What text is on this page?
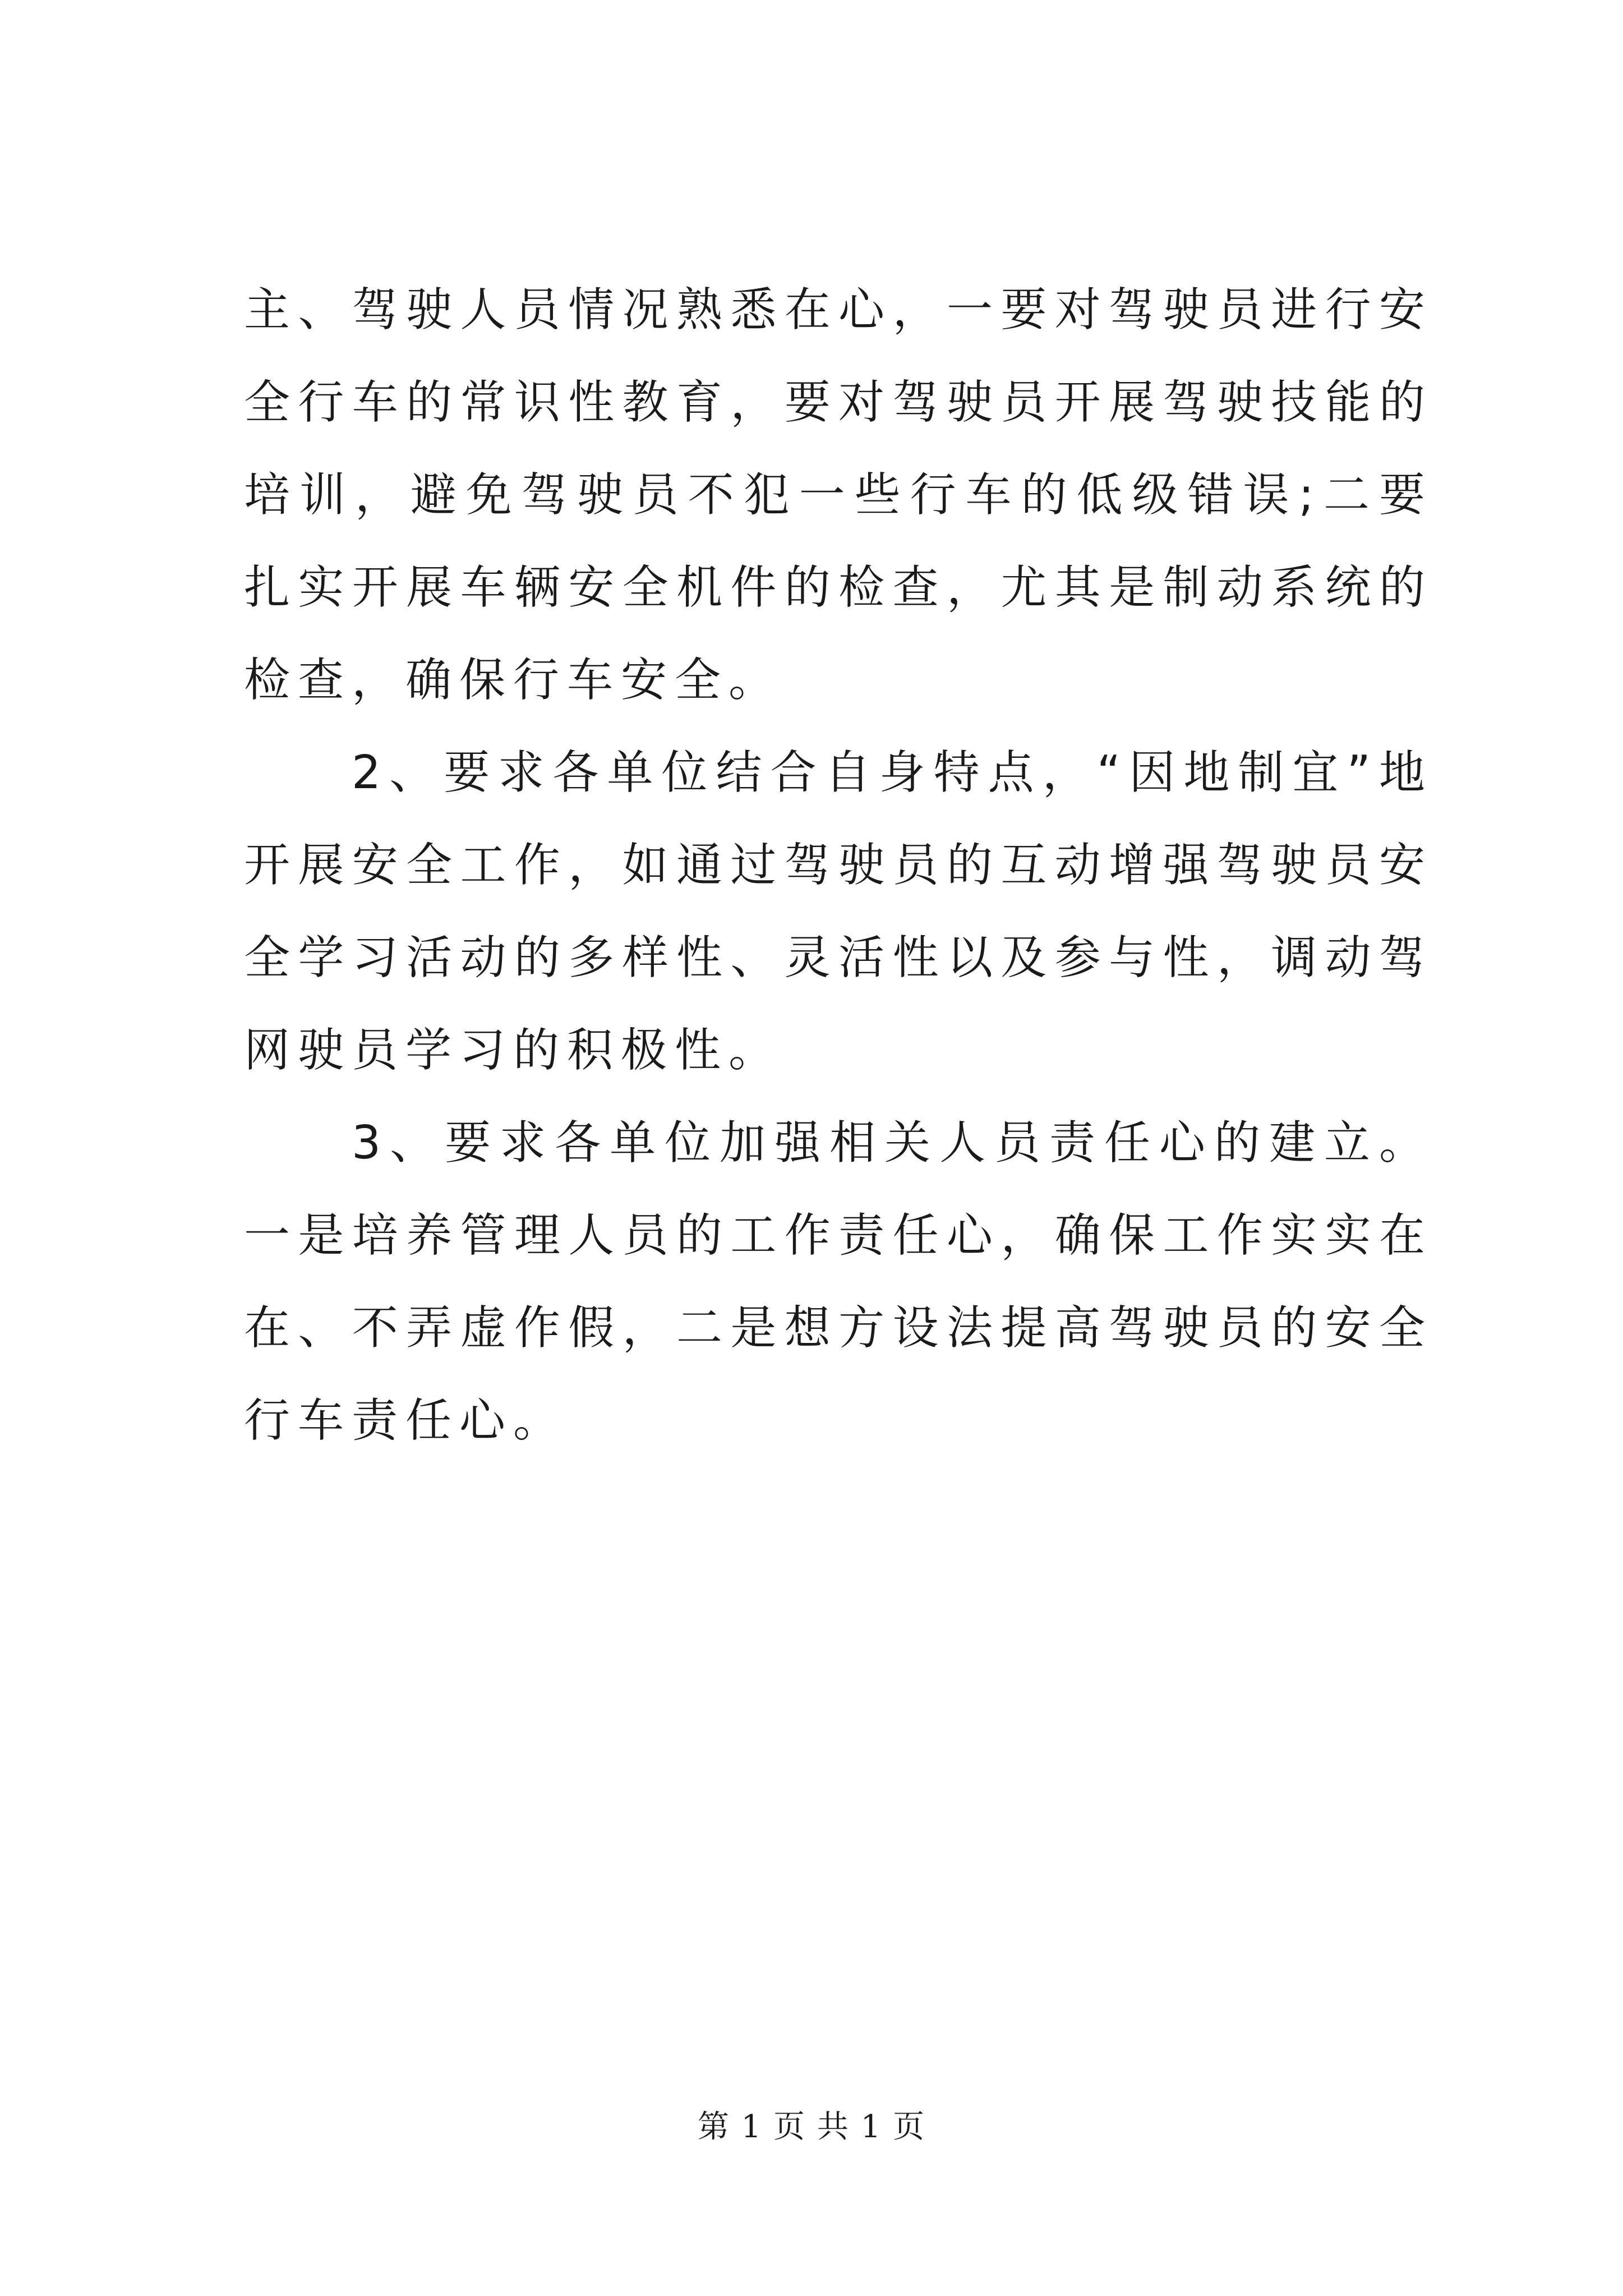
主、驾驶人员情况熟悉在心，一要对驾驶员进行安全行车的常识性教育，要对驾驶员开展驾驶技能的培训，避免驾驶员不犯一些行车的低级错误;二要扎实开展车辆安全机件的检查，尤其是制动系统的检查，确保行车安全。

2、要求各单位结合自身特点，“因地制宜”地开展安全工作，如通过驾驶员的互动增强驾驶员安全学习活动的多样性、灵活性以及参与性，调动驾网驶员学习的积极性。

3、要求各单位加强相关人员责任心的建立。一是培养管理人员的工作责任心，确保工作实实在在、不弄虚作假，二是想方设法提高驾驶员的安全行车责任心。

第 1 页 共 1 页
